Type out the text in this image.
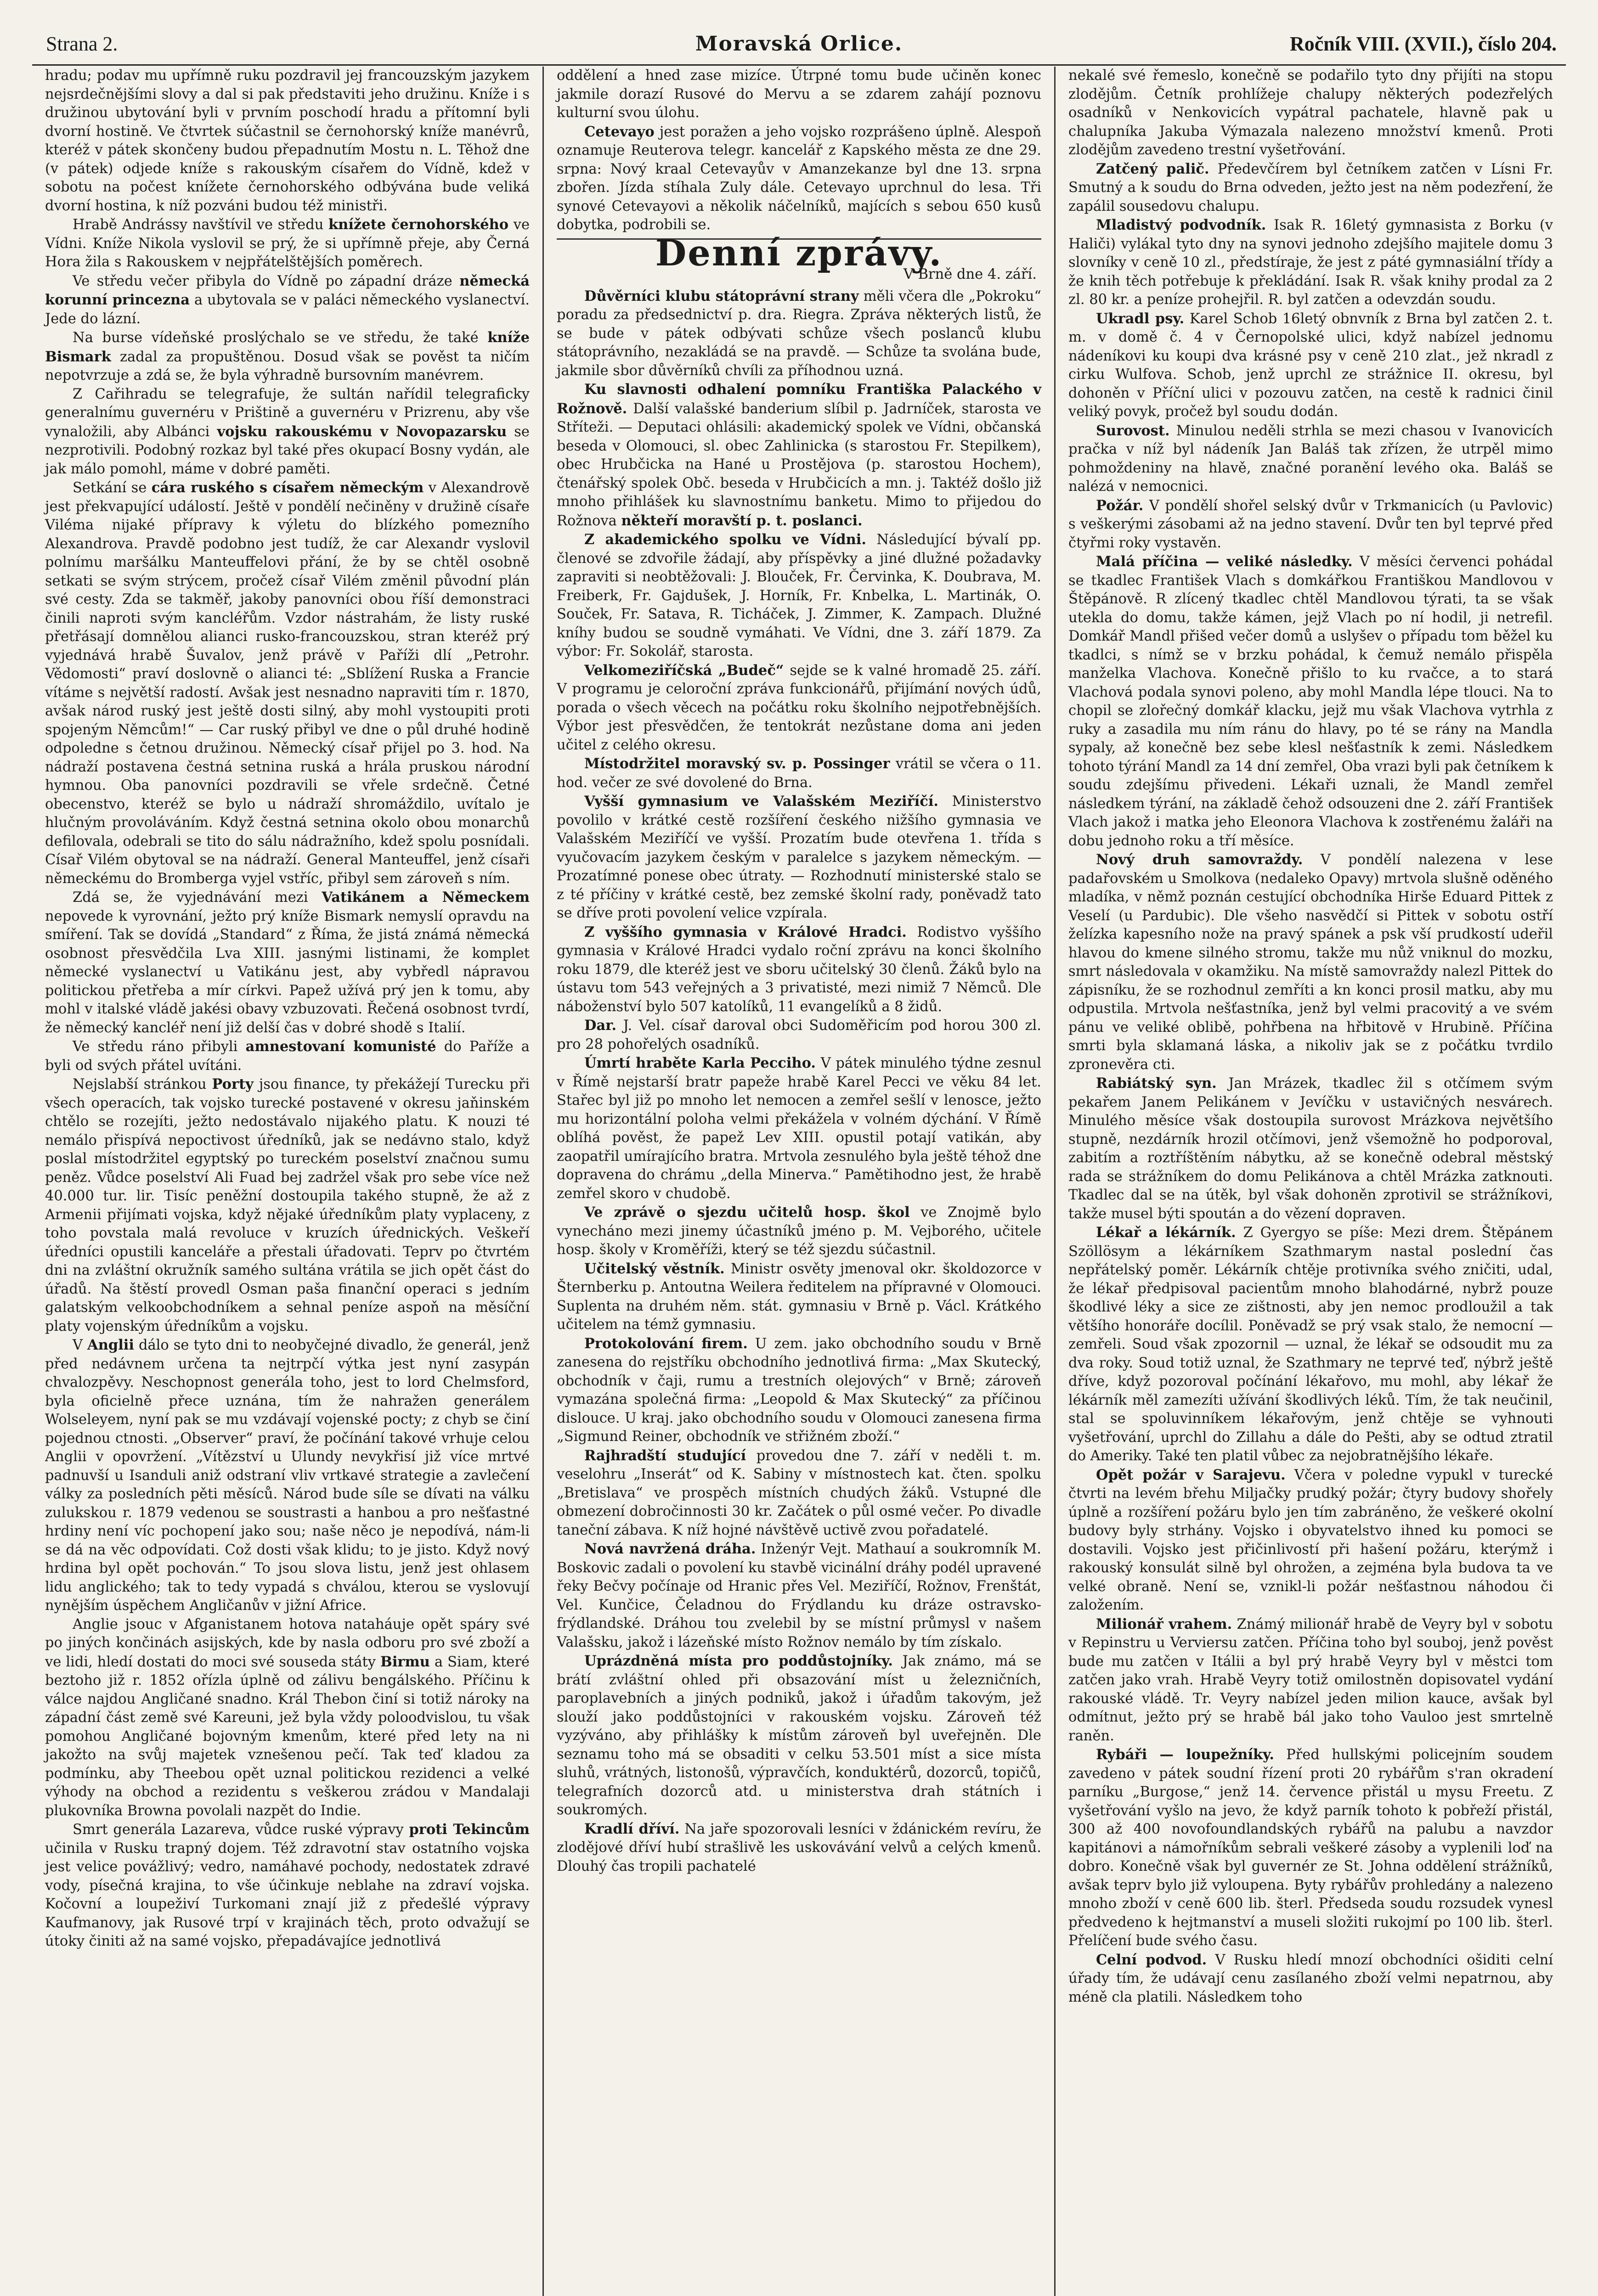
Strana 2.	Moravská Orlice.	Ročník VIII. (XVII.), číslo 204.

hradu; podav mu upřímně ruku pozdravil jej francouzským jazykem nejsrdečnějšími slovy a dal si pak představiti jeho družinu. Kníže i s družinou ubytování byli v prvním poschodí hradu a přítomní byli dvorní hostině. Ve čtvrtek súčastnil se černohorský kníže manévrů, kteréž v pátek skončeny budou přepadnutím Mostu n. L. Těhož dne (v pátek) odjede kníže s rakouským císařem do Vídně, kdež v sobotu na počest knížete černohorského odbývána bude veliká dvorní hostina, k níž pozváni budou též ministři.

Hrabě Andrássy navštívil ve středu knížete černohorského ve Vídni. Kníže Nikola vyslovil se prý, že si upřímně přeje, aby Černá Hora žila s Rakouskem v nejpřátelštějších poměrech.

Ve středu večer přibyla do Vídně po západní dráze německá korunní princezna a ubytovala se v paláci německého vyslanectví. Jede do lázní.

Na burse vídeňské proslýchalo se ve středu, že také kníže Bismark zadal za propuštěnou. Dosud však se pověst ta ničím nepotvrzuje a zdá se, že byla výhradně bursovním manévrem.

Z Cařihradu se telegrafuje, že sultán nařídil telegraficky generalnímu guvernéru v Prištině a guvernéru v Prizrenu, aby vše vynaložili, aby Albánci vojsku rakouskému v Novopazarsku se nezprotivili. Podobný rozkaz byl také přes okupací Bosny vydán, ale jak málo pomohl, máme v dobré paměti.

Setkání se cára ruského s císařem německým v Alexandrově jest překvapující událostí. Ještě v pondělí nečiněny v družině císaře Viléma nijaké přípravy k výletu do blízkého pomezního Alexandrova. Pravdě podobno jest tudíž, že car Alexandr vyslovil polnímu maršálku Manteuffelovi přání, že by se chtěl osobně setkati se svým strýcem, pročež císař Vilém změnil původní plán své cesty. Zda se takměř, jakoby panovníci obou říší demonstraci činili naproti svým kancléřům. Vzdor nástrahám, že listy ruské přetřásají domnělou alianci rusko-francouzskou, stran kteréž prý vyjednává hrabě Šuvalov, jenž právě v Paříži dlí „Petrohr. Vědomosti“ praví doslovně o alianci té: „Sblížení Ruska a Francie vítáme s největší radostí. Avšak jest nesnadno napraviti tím r. 1870, avšak národ ruský jest ještě dosti silný, aby mohl vystoupiti proti spojeným Němcům!“ — Car ruský přibyl ve dne o půl druhé hodině odpoledne s četnou družinou. Německý císař přijel po 3. hod. Na nádraží postavena čestná setnina ruská a hrála pruskou národní hymnou. Oba panovníci pozdravili se vřele srdečně. Četné obecenstvo, kteréž se bylo u nádraží shromáždilo, uvítalo je hlučným provoláváním. Když čestná setnina okolo obou monarchů defilovala, odebrali se tito do sálu nádražního, kdež spolu posnídali. Císař Vilém obytoval se na nádraží. General Manteuffel, jenž císaři německému do Bromberga vyjel vstříc, přibyl sem zároveň s ním.

Zdá se, že vyjednávání mezi Vatikánem a Německem nepovede k vyrovnání, ježto prý kníže Bismark nemyslí opravdu na smíření. Tak se dovídá „Standard“ z Říma, že jistá známá německá osobnost přesvědčila Lva XIII. jasnými listinami, že komplet německé vyslanectví u Vatikánu jest, aby vybředl nápravou politickou přetřeba a mír církvi. Papež užívá prý jen k tomu, aby mohl v italské vládě jakési obavy vzbuzovati. Řečená osobnost tvrdí, že německý kancléř není již delší čas v dobré shodě s Italií.

Ve středu ráno přibyli amnestovaní komunisté do Paříže a byli od svých přátel uvítáni.

Nejslabší stránkou Porty jsou finance, ty překážejí Turecku při všech operacích, tak vojsko turecké postavené v okresu jaňinském chtělo se rozejíti, ježto nedostávalo nijakého platu. K nouzi té nemálo přispívá nepoctivost úředníků, jak se nedávno stalo, když poslal místodržitel egyptský po tureckém poselství značnou sumu peněz. Vůdce poselství Ali Fuad bej zadržel však pro sebe více než 40.000 tur. lir. Tisíc peněžní dostoupila takého stupně, že až z Armenii přijímati vojska, když nějaké úředníkům platy vyplaceny, z toho povstala malá revoluce v kruzích úřednických. Veškeří úředníci opustili kanceláře a přestali úřadovati. Teprv po čtvrtém dni na zvláštní okružník samého sultána vrátila se jich opět část do úřadů. Na štěstí provedl Osman paša finanční operaci s jedním galatským velkoobchodníkem a sehnal peníze aspoň na měsíční platy vojenským úředníkům a vojsku.

V Anglii dálo se tyto dni to neobyčejné divadlo, že generál, jenž před nedávnem určena ta nejtrpčí výtka jest nyní zasypán chvalozpěvy. Neschopnost generála toho, jest to lord Chelmsford, byla oficielně přece uznána, tím že nahražen generálem Wolseleyem, nyní pak se mu vzdávají vojenské pocty; z chyb se činí pojednou ctnosti. „Observer“ praví, že počínání takové vrhuje celou Anglii v opovržení. „Vítězství u Ulundy nevykřisí již více mrtvé padnuvší u Isanduli aniž odstraní vliv vrtkavé strategie a zavlečení války za posledních pěti měsíců. Národ bude síle se dívati na válku zulukskou r. 1879 vedenou se soustrasti a hanbou a pro nešťastné hrdiny není víc pochopení jako sou; naše něco je nepodívá, nám-li se dá na věc odpovídati. Což dosti však klidu; to je jisto. Když nový hrdina byl opět pochován.“ To jsou slova listu, jenž jest ohlasem lidu anglického; tak to tedy vypadá s chválou, kterou se vyslovují nynějším úspěchem Angličanův v jižní Africe.

Anglie jsouc v Afganistanem hotova nataháuje opět spáry své po jiných končinách asijských, kde by nasla odboru pro své zboží a ve lidi, hledí dostati do moci své souseda státy Birmu a Siam, které beztoho již r. 1852 ořízla úplně od zálivu bengálského. Příčinu k válce najdou Angličané snadno. Král Thebon činí si totiž nároky na západní část země své Kareuni, jež byla vždy poloodvislou, tu však pomohou Angličané bojovným kmenům, které před lety na ni jakožto na svůj majetek vznešenou pečí. Tak teď kladou za podmínku, aby Theebou opět uznal politickou rezidenci a velké výhody na obchod a rezidentu s veškerou zrádou v Mandalaji plukovníka Browna povolali nazpět do Indie.

Smrt generála Lazareva, vůdce ruské výpravy proti Tekincům učinila v Rusku trapný dojem. Též zdravotní stav ostatního vojska jest velice povážlivý; vedro, namáhavé pochody, nedostatek zdravé vody, písečná krajina, to vše účinkuje neblahe na zdraví vojska. Kočovní a loupeživí Turkomani znají již z předešlé výpravy Kaufmanovy, jak Rusové trpí v krajinách těch, proto odvažují se útoky činiti až na samé vojsko, přepadávajíce jednotlivá

oddělení a hned zase mizíce. Útrpné tomu bude učiněn konec jakmile dorazí Rusové do Mervu a se zdarem zahájí poznovu kulturní svou úlohu.

Cetevayo jest poražen a jeho vojsko rozprášeno úplně. Alespoň oznamuje Reuterova telegr. kancelář z Kapského města ze dne 29. srpna: Nový kraal Cetevayův v Amanzekanze byl dne 13. srpna zbořen. Jízda stíhala Zuly dále. Cetevayo uprchnul do lesa. Tři synové Cetevayovi a několik náčelníků, majících s sebou 650 kusů dobytka, podrobili se.

Denní zprávy.
V Brně dne 4. září.

Důvěrníci klubu státoprávní strany měli včera dle „Pokroku“ poradu za předsednictví p. dra. Riegra. Zpráva některých listů, že se bude v pátek odbývati schůze všech poslanců klubu státoprávního, nezakládá se na pravdě. — Schůze ta svolána bude, jakmile sbor důvěrníků chvíli za příhodnou uzná.

Ku slavnosti odhalení pomníku Františka Palackého v Rožnově. Další valašské banderium slíbil p. Jadrníček, starosta ve Stříteži. — Deputaci ohlásili: akademický spolek ve Vídni, občanská beseda v Olomouci, sl. obec Zahlinicka (s starostou Fr. Stepilkem), obec Hrubčicka na Hané u Prostějova (p. starostou Hochem), čtenářský spolek Obč. beseda v Hrubčicích a mn. j. Taktéž došlo již mnoho přihlášek ku slavnostnímu banketu. Mimo to přijedou do Rožnova někteří moravští p. t. poslanci.

Z akademického spolku ve Vídni. Následující bývalí pp. členové se zdvořile žádají, aby příspěvky a jiné dlužné požadavky zapraviti si neobtěžovali: J. Blouček, Fr. Červinka, K. Doubrava, M. Freiberk, Fr. Gajdušek, J. Horník, Fr. Knbelka, L. Martinák, O. Souček, Fr. Satava, R. Ticháček, J. Zimmer, K. Zampach. Dlužné kníhy budou se soudně vymáhati. Ve Vídni, dne 3. září 1879. Za výbor: Fr. Sokolář, starosta.

Velkomeziříčská „Budeč“ sejde se k valné hromadě 25. září. V programu je celoroční zpráva funkcionářů, přijímání nových údů, porada o všech věcech na počátku roku školního nejpotřebnějších. Výbor jest přesvědčen, že tentokrát nezůstane doma ani jeden učitel z celého okresu.

Místodržitel moravský sv. p. Possinger vrátil se včera o 11. hod. večer ze své dovolené do Brna.

Vyšší gymnasium ve Valašském Meziříčí. Ministerstvo povolilo v krátké cestě rozšíření českého nižšího gymnasia ve Valašském Meziříčí ve vyšší. Prozatím bude otevřena 1. třída s vyučovacím jazykem českým v paralelce s jazykem německým. — Prozatímné ponese obec útraty. — Rozhodnutí ministerské stalo se z té příčiny v krátké cestě, bez zemské školní rady, poněvadž tato se dříve proti povolení velice vzpírala.

Z vyššího gymnasia v Králové Hradci. Rodistvo vyššího gymnasia v Králové Hradci vydalo roční zprávu na konci školního roku 1879, dle kteréž jest ve sboru učitelský 30 členů. Žáků bylo na ústavu tom 543 veřejných a 3 privatisté, mezi nimiž 7 Němců. Dle náboženství bylo 507 katolíků, 11 evangelíků a 8 židů.

Dar. J. Vel. císař daroval obci Sudoměřicím pod horou 300 zl. pro 28 pohořelých osadníků.

Úmrtí hraběte Karla Pecciho. V pátek minulého týdne zesnul v Římě nejstarší bratr papeže hrabě Karel Pecci ve věku 84 let. Stařec byl již po mnoho let nemocen a zemřel sešlí v lenosce, ježto mu horizontální poloha velmi překážela v volném dýchání. V Římě oblíhá pověst, že papež Lev XIII. opustil potají vatikán, aby zaopatřil umírajícího bratra. Mrtvola zesnulého byla ještě téhož dne dopravena do chrámu „della Minerva.“ Pamětihodno jest, že hrabě zemřel skoro v chudobě.

Ve zprávě o sjezdu učitelů hosp. škol ve Znojmě bylo vynecháno mezi jinemy účastníků jméno p. M. Vejborého, učitele hosp. školy v Kroměříži, který se též sjezdu súčastnil.

Učitelský věstník. Ministr osvěty jmenoval okr. školdozorce v Šternberku p. Antoutna Weilera ředitelem na přípravné v Olomouci. Suplenta na druhém něm. stát. gymnasiu v Brně p. Václ. Krátkého učitelem na témž gymnasiu.

Protokolování firem. U zem. jako obchodního soudu v Brně zanesena do rejstříku obchodního jednotlivá firma: „Max Skutecký, obchodník v čaji, rumu a trestních olejových“ v Brně; zároveň vymazána společná firma: „Leopold & Max Skutecký“ za příčinou dislouce. U kraj. jako obchodního soudu v Olomouci zanesena firma „Sigmund Reiner, obchodník ve střižném zboží.“

Rajhradští studující provedou dne 7. září v neděli t. m. veselohru „Inserát“ od K. Sabiny v místnostech kat. čten. spolku „Bretislava“ ve prospěch místních chudých žáků. Vstupné dle obmezení dobročinnosti 30 kr. Začátek o půl osmé večer. Po divadle taneční zábava. K níž hojné návštěvě uctivě zvou pořadatelé.

Nová navržená dráha. Inženýr Vejt. Mathauí a soukromník M. Boskovic zadali o povolení ku stavbě vicinální dráhy podél upravené řeky Bečvy počínaje od Hranic přes Vel. Meziříčí, Rožnov, Frenštát, Vel. Kunčice, Čeladnou do Frýdlandu ku dráze ostravsko-frýdlandské. Dráhou tou zvelebil by se místní průmysl v našem Valašsku, jakož i lázeňské místo Rožnov nemálo by tím získalo.

Uprázdněná místa pro poddůstojníky. Jak známo, má se brátí zvláštní ohled při obsazování míst u železničních, paroplavebních a jiných podniků, jakož i úřadům takovým, jež slouží jako poddůstojníci v rakouském vojsku. Zároveň též vyzýváno, aby přihlášky k místům zároveň byl uveřejněn. Dle seznamu toho má se obsaditi v celku 53.501 míst a sice místa sluhů, vrátných, listonošů, výpravčích, konduktérů, dozorců, topičů, telegrafních dozorců atd. u ministerstva drah státních i soukromých.

Kradlí dříví. Na jaře spozorovali lesníci v ždánickém revíru, že zlodějové dříví hubí strašlivě les uskovávání velvů a celých kmenů. Dlouhý čas tropili pachatelé

nekalé své řemeslo, konečně se podařilo tyto dny přijíti na stopu zlodějům. Četník prohlížeje chalupy některých podezřelých osadníků v Nenkovicích vypátral pachatele, hlavně pak u chalupníka Jakuba Výmazala nalezeno množství kmenů. Proti zlodějům zavedeno trestní vyšetřování.

Zatčený palič. Předevčírem byl četníkem zatčen v Lísni Fr. Smutný a k soudu do Brna odveden, ježto jest na něm podezření, že zapálil sousedovu chalupu.

Mladistvý podvodník. Isak R. 16letý gymnasista z Borku (v Haliči) vylákal tyto dny na synovi jednoho zdejšího majitele domu 3 slovníky v ceně 10 zl., předstíraje, že jest z páté gymnasiální třídy a že knih těch potřebuje k překládání. Isak R. však knihy prodal za 2 zl. 80 kr. a peníze prohejřil. R. byl zatčen a odevzdán soudu.

Ukradl psy. Karel Schob 16letý obnvník z Brna byl zatčen 2. t. m. v domě č. 4 v Černopolské ulici, když nabízel jednomu nádeníkovi ku koupi dva krásné psy v ceně 210 zlat., jež nkradl z cirku Wulfova. Schob, jenž uprchl ze strážnice II. okresu, byl dohoněn v Příční ulici v pozouvu zatčen, na cestě k radnici činil veliký povyk, pročež byl soudu dodán.

Surovost. Minulou neděli strhla se mezi chasou v Ivanovicích pračka v níž byl nádeník Jan Baláš tak zřízen, že utrpěl mimo pohmoždeniny na hlavě, značné poranění levého oka. Baláš se nalézá v nemocnici.

Požár. V pondělí shořel selský dvůr v Trkmanicích (u Pavlovic) s veškerými zásobami až na jedno stavení. Dvůr ten byl teprvé před čtyřmi roky vystavěn.

Malá příčina — veliké následky. V měsíci červenci pohádal se tkadlec František Vlach s domkářkou Františkou Mandlovou v Štěpánově. R zlícený tkadlec chtěl Mandlovou týrati, ta se však utekla do domu, takže kámen, jejž Vlach po ní hodil, ji netrefil. Domkář Mandl přišed večer domů a uslyšev o případu tom běžel ku tkadlci, s nímž se v brzku pohádal, k čemuž nemálo přispěla manželka Vlachova. Konečně přišlo to ku rvačce, a to stará Vlachová podala synovi poleno, aby mohl Mandla lépe tlouci. Na to chopil se zlořečný domkář klacku, jejž mu však Vlachova vytrhla z ruky a zasadila mu ním ránu do hlavy, po té se rány na Mandla sypaly, až konečně bez sebe klesl nešťastník k zemi. Následkem tohoto týrání Mandl za 14 dní zemřel, Oba vrazi byli pak četníkem k soudu zdejšímu přivedeni. Lékaři uznali, že Mandl zemřel následkem týrání, na základě čehož odsouzeni dne 2. září František Vlach jakož i matka jeho Eleonora Vlachova k zostřenému žaláři na dobu jednoho roku a tří měsíce.

Nový druh samovraždy. V pondělí nalezena v lese padařovském u Smolkova (nedaleko Opavy) mrtvola slušně oděného mladíka, v němž poznán cestující obchodníka Hirše Eduard Pittek z Veselí (u Pardubic). Dle všeho nasvědčí si Pittek v sobotu ostří želízka kapesního nože na pravý spánek a psk vší prudkostí udeřil hlavou do kmene silného stromu, takže mu nůž vniknul do mozku, smrt následovala v okamžiku. Na místě samovraždy nalezl Pittek do zápisníku, že se rozhodnul zemříti a kn konci prosil matku, aby mu odpustila. Mrtvola nešťastníka, jenž byl velmi pracovitý a ve svém pánu ve veliké oblibě, pohřbena na hřbitově v Hrubině. Příčina smrti byla sklamaná láska, a nikoliv jak se z počátku tvrdilo zpronevěra cti.

Rabiátský syn. Jan Mrázek, tkadlec žil s otčímem svým pekařem Janem Pelikánem v Jevíčku v ustavičných nesvárech. Minulého měsíce však dostoupila surovost Mrázkova největšího stupně, nezdárník hrozil otčímovi, jenž všemožně ho podporoval, zabitím a roztříštěním nábytku, až se konečně odebral městský rada se strážníkem do domu Pelikánova a chtěl Mrázka zatknouti. Tkadlec dal se na útěk, byl však dohoněn zprotivil se strážníkovi, takže musel býti spoután a do vězení dopraven.

Lékař a lékárník. Z Gyergyo se píše: Mezi drem. Štěpánem Szöllösym a lékárníkem Szathmarym nastal poslední čas nepřátelský poměr. Lékárník chtěje protivníka svého zničiti, udal, že lékař předpisoval pacientům mnoho blahodárné, nybrž pouze škodlivé léky a sice ze zištnosti, aby jen nemoc prodloužil a tak většího honoráře docílil. Poněvadž se prý vsak stalo, že nemocní — zemřeli. Soud však zpozornil — uznal, že lékař se odsoudit mu za dva roky. Soud totiž uznal, že Szathmary ne teprvé teď, nýbrž ještě dříve, když pozoroval počínání lékařovo, mu mohl, aby lékař že lékárník měl zamezíti užívání škodlivých léků. Tím, že tak neučinil, stal se spoluvinníkem lékařovým, jenž chtěje se vyhnouti vyšetřování, uprchl do Zillahu a dále do Pešti, aby se odtud ztratil do Ameriky. Také ten platil vůbec za nejobratnějšího lékaře.

Opět požár v Sarajevu. Včera v poledne vypukl v turecké čtvrti na levém břehu Miljačky prudký požár; čtyry budovy shořely úplně a rozšíření požáru bylo jen tím zabráněno, že veškeré okolní budovy byly strhány. Vojsko i obyvatelstvo ihned ku pomoci se dostavili. Vojsko jest přičinlivostí při hašení požáru, kterýmž i rakouský konsulát silně byl ohrožen, a zejména byla budova ta ve velké obraně. Není se, vznikl-li požár nešťastnou náhodou či založením.

Milionář vrahem. Známý milionář hrabě de Veyry byl v sobotu v Repinstru u Verviersu zatčen. Příčina toho byl souboj, jenž pověst bude mu zatčen v Itálii a byl prý hrabě Veyry byl v městci tom zatčen jako vrah. Hrabě Veyry totiž omilostněn dopisovatel vydání rakouské vládě. Tr. Veyry nabízel jeden milion kauce, avšak byl odmítnut, ježto prý se hrabě bál jako toho Vauloo jest smrtelně raněn.

Rybáři — loupežníky. Před hullskými policejním soudem zavedeno v pátek soudní řízení proti 20 rybářům s'ran okradení parníku „Burgose,“ jenž 14. července přistál u mysu Freetu. Z vyšetřování vyšlo na jevo, že když parník tohoto k pobřeží přistál, 300 až 400 novofoundlandských rybářů na palubu a navzdor kapitánovi a námořníkům sebrali veškeré zásoby a vyplenili loď na dobro. Konečně však byl guvernér ze St. Johna oddělení strážníků, avšak teprv bylo již vyloupena. Byty rybářův prohledány a nalezeno mnoho zboží v ceně 600 lib. šterl. Předseda soudu rozsudek vynesl předvedeno k hejtmanství a museli složiti rukojmí po 100 lib. šterl. Přelíčení bude svého času.

Celní podvod. V Rusku hledí mnozí obchodníci ošiditi celní úřady tím, že udávají cenu zasílaného zboží velmi nepatrnou, aby méně cla platili. Následkem toho
